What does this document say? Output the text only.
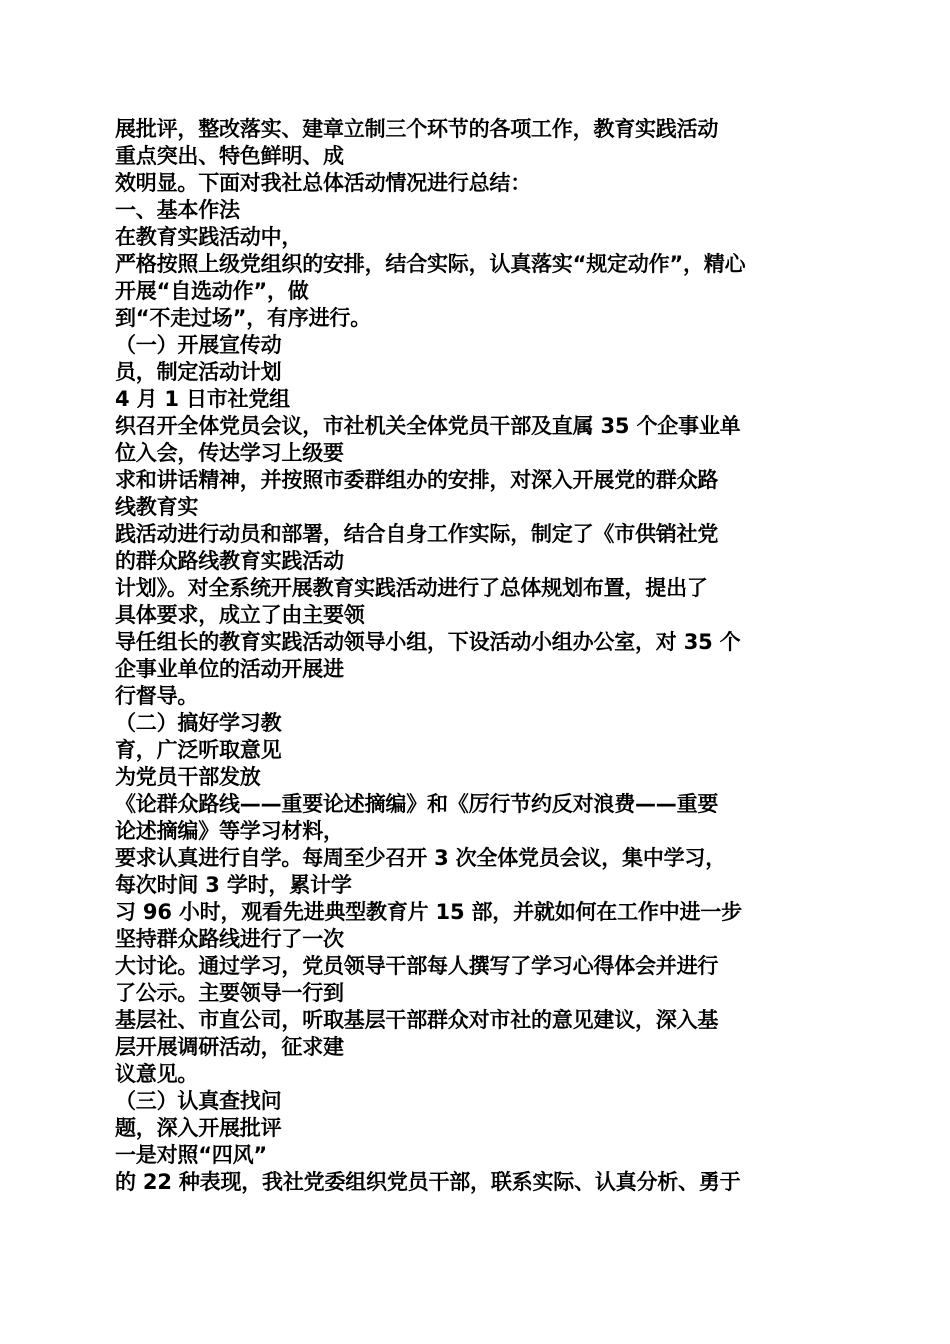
展批评，整改落实、建章立制三个环节的各项工作，教育实践活动
重点突出、特色鲜明、成
效明显。下面对我社总体活动情况进行总结：
一、基本作法
在教育实践活动中，
严格按照上级党组织的安排，结合实际，认真落实“规定动作”，精心
开展“自选动作”，做
到“不走过场”，有序进行。
（一）开展宣传动
员，制定活动计划
4 月 1 日市社党组
织召开全体党员会议，市社机关全体党员干部及直属 35 个企事业单
位入会，传达学习上级要
求和讲话精神，并按照市委群组办的安排，对深入开展党的群众路
线教育实
践活动进行动员和部署，结合自身工作实际，制定了《市供销社党
的群众路线教育实践活动
计划》。对全系统开展教育实践活动进行了总体规划布置，提出了
具体要求，成立了由主要领
导任组长的教育实践活动领导小组，下设活动小组办公室，对 35 个
企事业单位的活动开展进
行督导。
（二）搞好学习教
育，广泛听取意见
为党员干部发放
《论群众路线——重要论述摘编》和《厉行节约反对浪费——重要
论述摘编》等学习材料，
要求认真进行自学。每周至少召开 3 次全体党员会议，集中学习，
每次时间 3 学时，累计学
习 96 小时，观看先进典型教育片 15 部，并就如何在工作中进一步
坚持群众路线进行了一次
大讨论。通过学习，党员领导干部每人撰写了学习心得体会并进行
了公示。主要领导一行到
基层社、市直公司，听取基层干部群众对市社的意见建议，深入基
层开展调研活动，征求建
议意见。
（三）认真查找问
题，深入开展批评
一是对照“四风”
的 22 种表现，我社党委组织党员干部，联系实际、认真分析、勇于
